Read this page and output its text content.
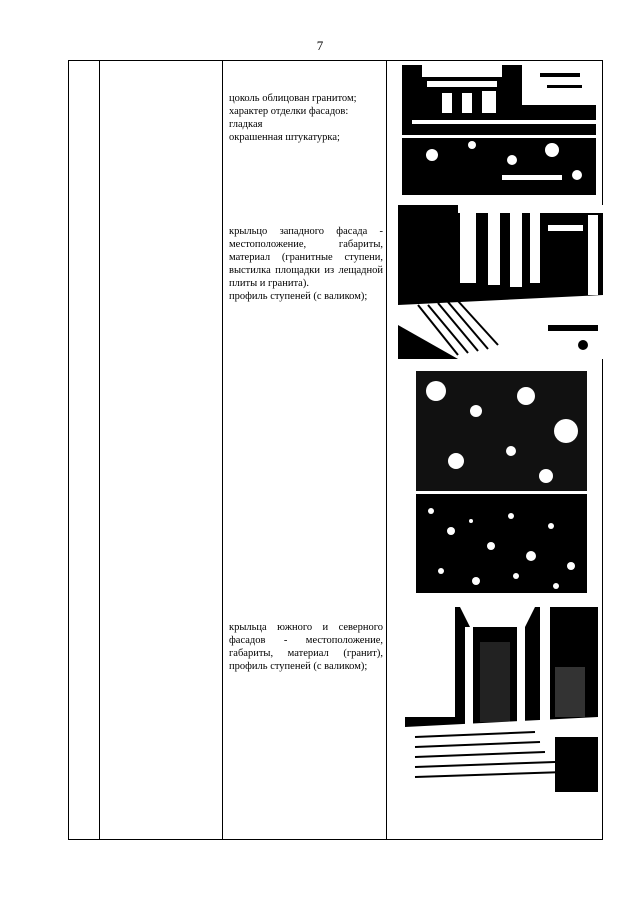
7
цоколь облицован гранитом;
характер отделки фасадов:
гладкая
окрашенная штукатурка;
крыльцо западного фасада - местоположение, габариты, материал (гранитные ступени, выстилка площадки из лещадной плиты и гранита).
профиль ступеней (с валиком);
крыльца южного и северного фасадов - местоположение, габариты, материал (гранит), профиль ступеней (с валиком);
